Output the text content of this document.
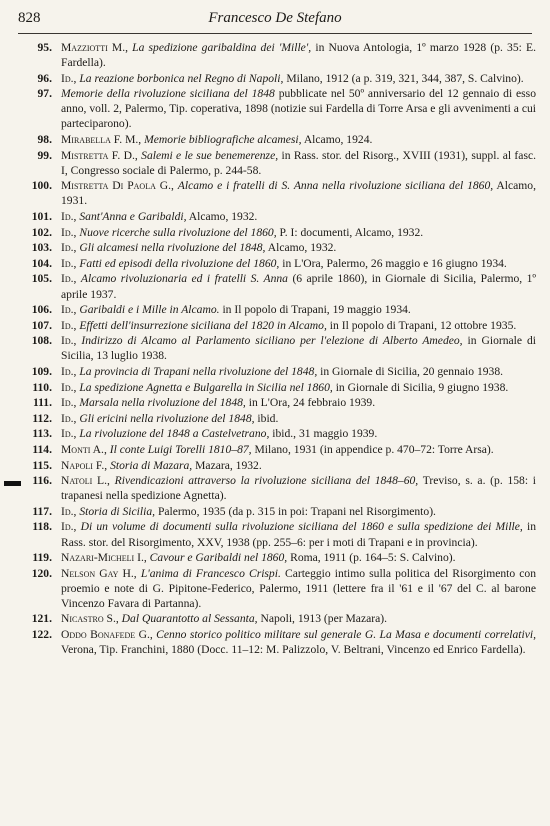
828	Francesco De Stefano
95. Mazziotti M., La spedizione garibaldina dei 'Mille', in Nuova Antologia, 1º marzo 1928 (p. 35: E. Fardella).
96. Id., La reazione borbonica nel Regno di Napoli, Milano, 1912 (a p. 319, 321, 344, 387, S. Calvino).
97. Memorie della rivoluzione siciliana del 1848 pubblicate nel 50º anniversario del 12 gennaio di esso anno, voll. 2, Palermo, Tip. coperativa, 1898 (notizie sui Fardella di Torre Arsa e gli avvenimenti a cui parteciparono).
98. Mirabella F. M., Memorie bibliografiche alcamesi, Alcamo, 1924.
99. Mistretta F. D., Salemi e le sue benemerenze, in Rass. stor. del Risorg., XVIII (1931), suppl. al fasc. I, Congresso sociale di Palermo, p. 244-58.
100. Mistretta Di Paola G., Alcamo e i fratelli di S. Anna nella rivoluzione siciliana del 1860, Alcamo, 1931.
101. Id., Sant'Anna e Garibaldi, Alcamo, 1932.
102. Id., Nuove ricerche sulla rivoluzione del 1860, P. I: documenti, Alcamo, 1932.
103. Id., Gli alcamesi nella rivoluzione del 1848, Alcamo, 1932.
104. Id., Fatti ed episodi della rivoluzione del 1860, in L'Ora, Palermo, 26 maggio e 16 giugno 1934.
105. Id., Alcamo rivoluzionaria ed i fratelli S. Anna (6 aprile 1860), in Giornale di Sicilia, Palermo, 1º aprile 1937.
106. Id., Garibaldi e i Mille in Alcamo. in Il popolo di Trapani, 19 maggio 1934.
107. Id., Effetti dell'insurrezione siciliana del 1820 in Alcamo, in Il popolo di Trapani, 12 ottobre 1935.
108. Id., Indirizzo di Alcamo al Parlamento siciliano per l'elezione di Alberto Amedeo, in Giornale di Sicilia, 13 luglio 1938.
109. Id., La provincia di Trapani nella rivoluzione del 1848, in Giornale di Sicilia, 20 gennaio 1938.
110. Id., La spedizione Agnetta e Bulgarella in Sicilia nel 1860, in Giornale di Sicilia, 9 giugno 1938.
111. Id., Marsala nella rivoluzione del 1848, in L'Ora, 24 febbraio 1939.
112. Id., Gli ericini nella rivoluzione del 1848, ibid.
113. Id., La rivoluzione del 1848 a Castelvetrano, ibid., 31 maggio 1939.
114. Monti A., Il conte Luigi Torelli 1810–87, Milano, 1931 (in appendice p. 470–72: Torre Arsa).
115. Napoli F., Storia di Mazara, Mazara, 1932.
116. Natoli L., Rivendicazioni attraverso la rivoluzione siciliana del 1848–60, Treviso, s. a. (p. 158: i trapanesi nella spedizione Agnetta).
117. Id., Storia di Sicilia, Palermo, 1935 (da p. 315 in poi: Trapani nel Risorgimento).
118. Id., Di un volume di documenti sulla rivoluzione siciliana del 1860 e sulla spedizione dei Mille, in Rass. stor. del Risorgimento, XXV, 1938 (pp. 255–6: per i moti di Trapani e in provincia).
119. Nazari-Micheli I., Cavour e Garibaldi nel 1860, Roma, 1911 (p. 164–5: S. Calvino).
120. Nelson Gay H., L'anima di Francesco Crispi. Carteggio intimo sulla politica del Risorgimento con proemio e note di G. Pipitone-Federico, Palermo, 1911 (lettere fra il '61 e il '67 del C. al barone Vincenzo Favara di Partanna).
121. Nicastro S., Dal Quarantotto al Sessanta, Napoli, 1913 (per Mazara).
122. Oddo Bonafede G., Cenno storico politico militare sul generale G. La Masa e documenti correlativi, Verona, Tip. Franchini, 1880 (Docc. 11–12: M. Palizzolo, V. Beltrani, Vincenzo ed Enrico Fardella).
